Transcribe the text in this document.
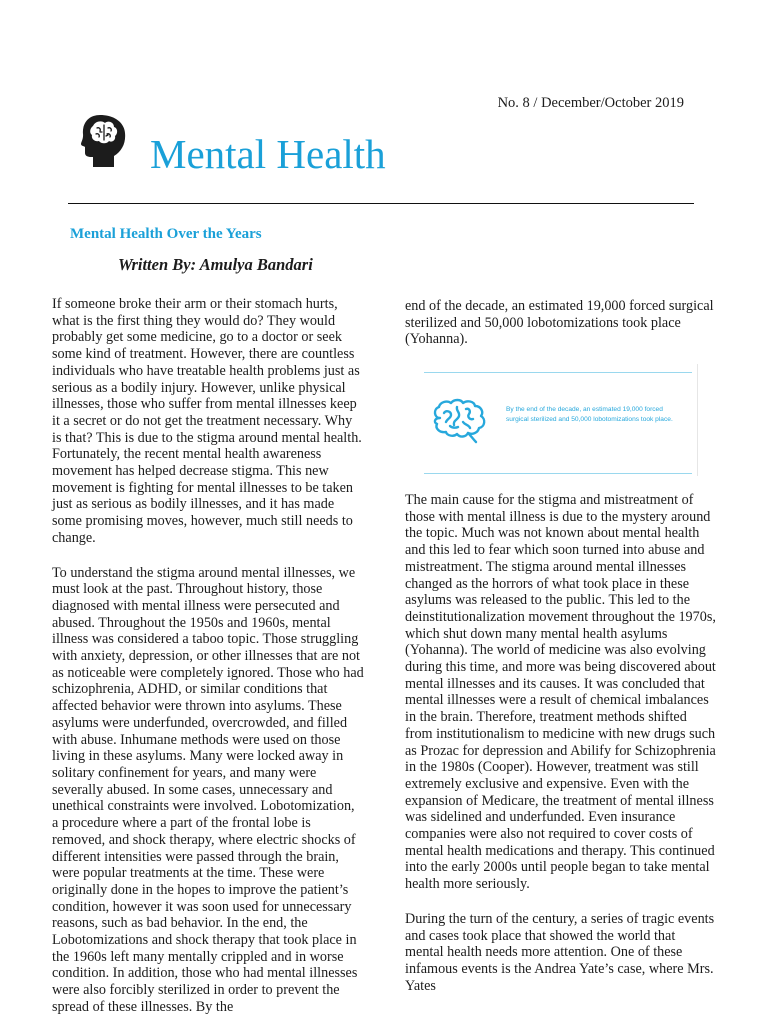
No. 8 / December/October 2019
Mental Health
Mental Health Over the Years
Written By: Amulya Bandari

If someone broke their arm or their stomach hurts, what is the first thing they would do? They would probably get some medicine, go to a doctor or seek some kind of treatment. However, there are countless individuals who have treatable health problems just as serious as a bodily injury. However, unlike physical illnesses, those who suffer from mental illnesses keep it a secret or do not get the treatment necessary. Why is that? This is due to the stigma around mental health. Fortunately, the recent mental health awareness movement has helped decrease stigma. This new movement is fighting for mental illnesses to be taken just as serious as bodily illnesses, and it has made some promising moves, however, much still needs to change.

To understand the stigma around mental illnesses, we must look at the past. Throughout history, those diagnosed with mental illness were persecuted and abused. Throughout the 1950s and 1960s, mental illness was considered a taboo topic. Those struggling with anxiety, depression, or other illnesses that are not as noticeable were completely ignored. Those who had schizophrenia, ADHD, or similar conditions that affected behavior were thrown into asylums. These asylums were underfunded, overcrowded, and filled with abuse. Inhumane methods were used on those living in these asylums. Many were locked away in solitary confinement for years, and many were severally abused. In some cases, unnecessary and unethical constraints were involved. Lobotomization, a procedure where a part of the frontal lobe is removed, and shock therapy, where electric shocks of different intensities were passed through the brain, were popular treatments at the time. These were originally done in the hopes to improve the patient’s condition, however it was soon used for unnecessary reasons, such as bad behavior. In the end, the Lobotomizations and shock therapy that took place in the 1960s left many mentally crippled and in worse condition. In addition, those who had mental illnesses were also forcibly sterilized in order to prevent the spread of these illnesses. By the

end of the decade, an estimated 19,000 forced surgical sterilized and 50,000 lobotomizations took place (Yohanna).
By the end of the decade, an estimated 19,000 forced surgical sterilized and 50,000 lobotomizations took place.

The main cause for the stigma and mistreatment of those with mental illness is due to the mystery around the topic. Much was not known about mental health and this led to fear which soon turned into abuse and mistreatment. The stigma around mental illnesses changed as the horrors of what took place in these asylums was released to the public. This led to the deinstitutionalization movement throughout the 1970s, which shut down many mental health asylums (Yohanna). The world of medicine was also evolving during this time, and more was being discovered about mental illnesses and its causes. It was concluded that mental illnesses were a result of chemical imbalances in the brain. Therefore, treatment methods shifted from institutionalism to medicine with new drugs such as Prozac for depression and Abilify for Schizophrenia in the 1980s (Cooper). However, treatment was still extremely exclusive and expensive. Even with the expansion of Medicare, the treatment of mental illness was sidelined and underfunded. Even insurance companies were also not required to cover costs of mental health medications and therapy. This continued into the early 2000s until people began to take mental health more seriously.

During the turn of the century, a series of tragic events and cases took place that showed the world that mental health needs more attention. One of these infamous events is the Andrea Yate’s case, where Mrs. Yates
